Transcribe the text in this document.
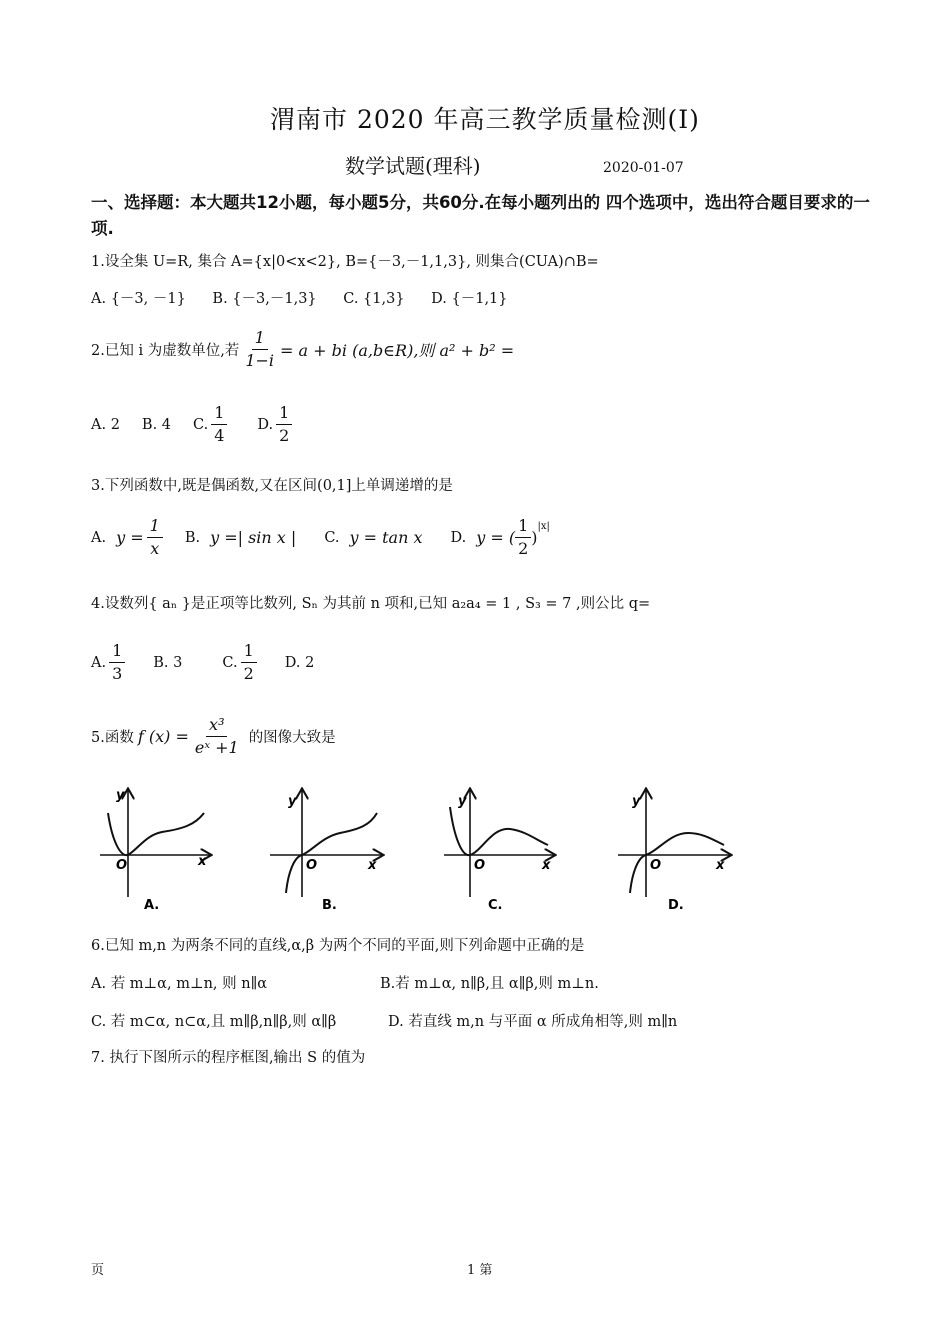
渭南市 2020 年高三教学质量检测(Ⅰ)
数学试题(理科)	2020-01-07
一、选择题：本大题共12小题，每小题5分，共60分.在每小题列出的 四个选项中，选出符合题目要求的一项.
1.设全集 U=R, 集合 A={x|0<x<2}, B={－3,－1,1,3}, 则集合(CUA)∩B=
A. {－3, －1} B. {－3,－1,3} C. {1,3} D. {－1,1}
2.已知 i 为虚数单位,若 $\frac{1}{1-i} = a$ + bi (a,b∈R),则 a² + b² =
A. 2 B. 4 C. $\frac{1}{4} D$. $\frac{1}{2}$
3.下列函数中,既是偶函数,又在区间(0,1]上单调递增的是
A. $y = \frac{1}{x} B$. y =| sin x | C. y = tan x D. y = ( $\frac{1}{2}$ )
$^{|x|}$
4.设数列{ aₙ }是正项等比数列, Sₙ 为其前 n 项和,已知 a₂a₄ = 1 , S₃ = 7 ,则公比 q=
A. $\frac{1}{3} B$. 3	C. $\frac{1}{2} D$. 2
5.函数 f $(x) = \frac{\text{x³}}{\text{eˣ +1}}$ 的图像大致是
y
x
O
A.
y
x
O
B.
y
x
O
C.
y
x
O
D.
6.已知 m,n 为两条不同的直线,α,β 为两个不同的平面,则下列命题中正确的是
A. 若 m⊥α, m⊥n, 则 n∥α	B.若 m⊥α, n∥β,且 α∥β,则 m⊥n.
C. 若 m⊂α, n⊂α,且 m∥β,n∥β,则 α∥β	D. 若直线 m,n 与平面 α 所成角相等,则 m∥n
7. 执行下图所示的程序框图,输出 S 的值为
页	1 第
